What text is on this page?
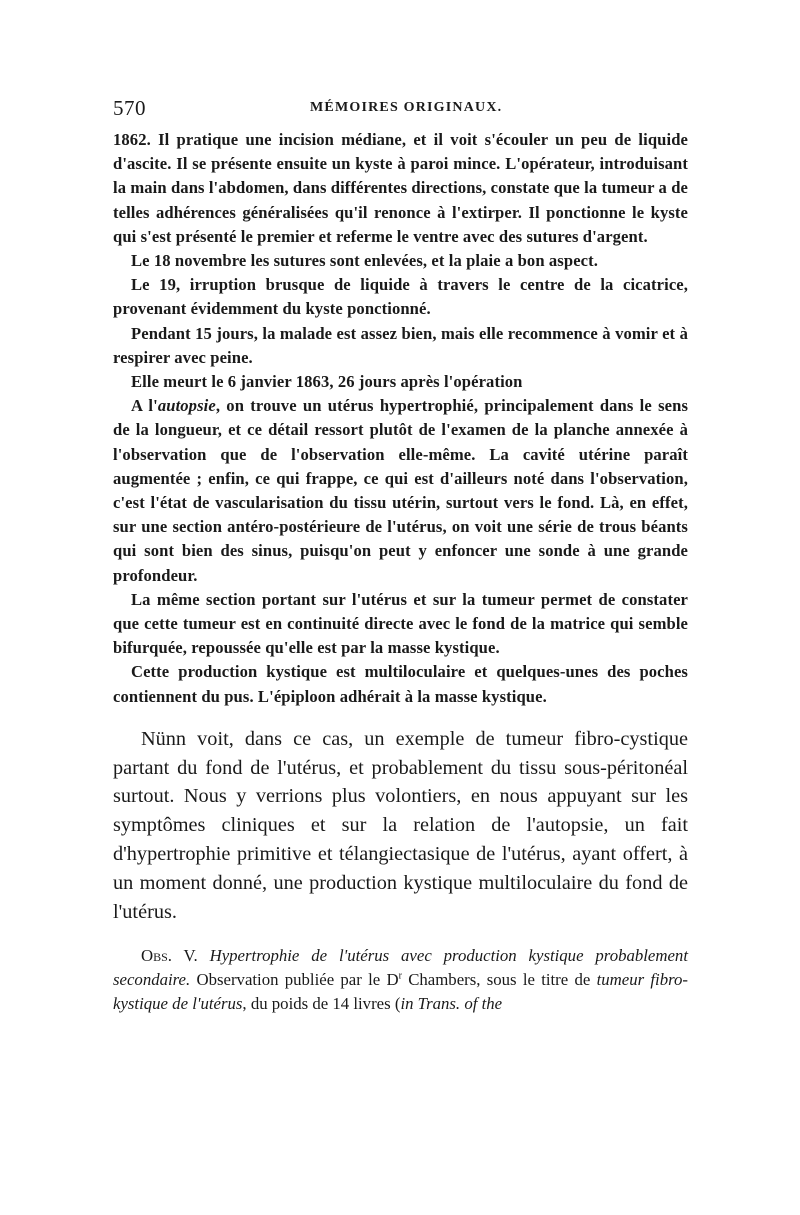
570	MÉMOIRES ORIGINAUX.

1862. Il pratique une incision médiane, et il voit s'écouler un peu de liquide d'ascite. Il se présente ensuite un kyste à paroi mince. L'opérateur, introduisant la main dans l'abdomen, dans différentes directions, constate que la tumeur a de telles adhérences généralisées qu'il renonce à l'extirper. Il ponctionne le kyste qui s'est présenté le premier et referme le ventre avec des sutures d'argent.

Le 18 novembre les sutures sont enlevées, et la plaie a bon aspect.

Le 19, irruption brusque de liquide à travers le centre de la cicatrice, provenant évidemment du kyste ponctionné.

Pendant 15 jours, la malade est assez bien, mais elle recommence à vomir et à respirer avec peine.

Elle meurt le 6 janvier 1863, 26 jours après l'opération

A l'autopsie, on trouve un utérus hypertrophié, principalement dans le sens de la longueur, et ce détail ressort plutôt de l'examen de la planche annexée à l'observation que de l'observation elle-même. La cavité utérine paraît augmentée ; enfin, ce qui frappe, ce qui est d'ailleurs noté dans l'observation, c'est l'état de vascularisation du tissu utérin, surtout vers le fond. Là, en effet, sur une section antéro-postérieure de l'utérus, on voit une série de trous béants qui sont bien des sinus, puisqu'on peut y enfoncer une sonde à une grande profondeur.

La même section portant sur l'utérus et sur la tumeur permet de constater que cette tumeur est en continuité directe avec le fond de la matrice qui semble bifurquée, repoussée qu'elle est par la masse kystique.

Cette production kystique est multiloculaire et quelques-unes des poches contiennent du pus. L'épiploon adhérait à la masse kystique.

Nünn voit, dans ce cas, un exemple de tumeur fibro-cystique partant du fond de l'utérus, et probablement du tissu sous-péritonéal surtout. Nous y verrions plus volontiers, en nous appuyant sur les symptômes cliniques et sur la relation de l'autopsie, un fait d'hypertrophie primitive et télangiectasique de l'utérus, ayant offert, à un moment donné, une production kystique multiloculaire du fond de l'utérus.

Obs. V. Hypertrophie de l'utérus avec production kystique probablement secondaire. Observation publiée par le $D^r$ Chambers, sous le titre de tumeur fibro-kystique de l'utérus, du poids de 14 livres (in Trans. of the
